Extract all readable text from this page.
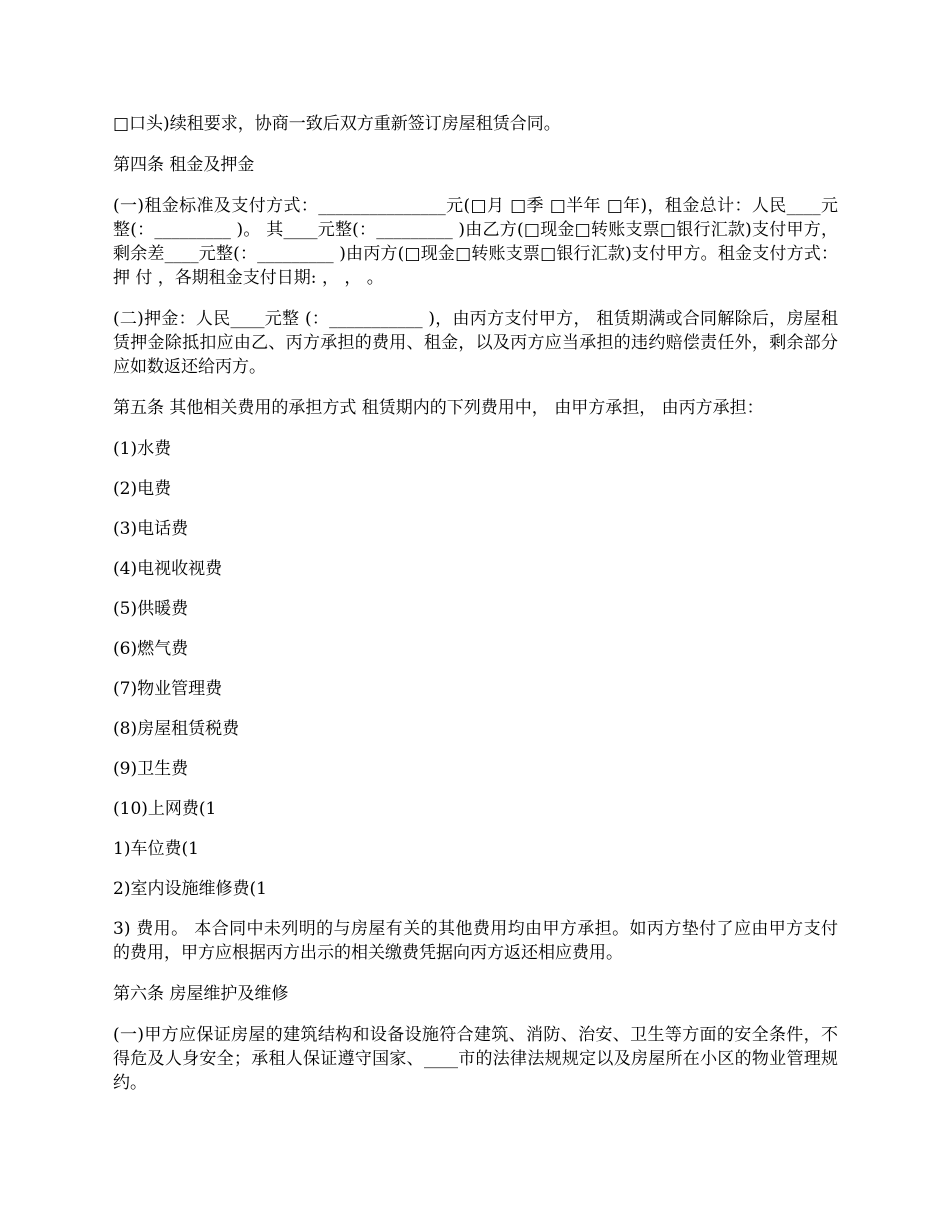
□口头)续租要求，协商一致后双方重新签订房屋租赁合同。

第四条 租金及押金

(一)租金标准及支付方式：_______________元(□月 □季 □半年 □年)，租金总计：人民____元整(：_________ )。 其____元整(：_________ )由乙方(□现金□转账支票□银行汇款)支付甲方，剩余差____元整(：_________ )由丙方(□现金□转账支票□银行汇款)支付甲方。租金支付方式：押 付 ，各期租金支付日期: ， ， 。

(二)押金：人民____元整 (：___________ )，由丙方支付甲方， 租赁期满或合同解除后，房屋租赁押金除抵扣应由乙、丙方承担的费用、租金，以及丙方应当承担的违约赔偿责任外，剩余部分应如数返还给丙方。

第五条 其他相关费用的承担方式 租赁期内的下列费用中， 由甲方承担， 由丙方承担：

(1)水费

(2)电费

(3)电话费

(4)电视收视费

(5)供暖费

(6)燃气费

(7)物业管理费

(8)房屋租赁税费

(9)卫生费

(10)上网费(1

1)车位费(1

2)室内设施维修费(1

3) 费用。 本合同中未列明的与房屋有关的其他费用均由甲方承担。如丙方垫付了应由甲方支付的费用，甲方应根据丙方出示的相关缴费凭据向丙方返还相应费用。

第六条 房屋维护及维修

(一)甲方应保证房屋的建筑结构和设备设施符合建筑、消防、治安、卫生等方面的安全条件，不得危及人身安全；承租人保证遵守国家、____市的法律法规规定以及房屋所在小区的物业管理规约。
